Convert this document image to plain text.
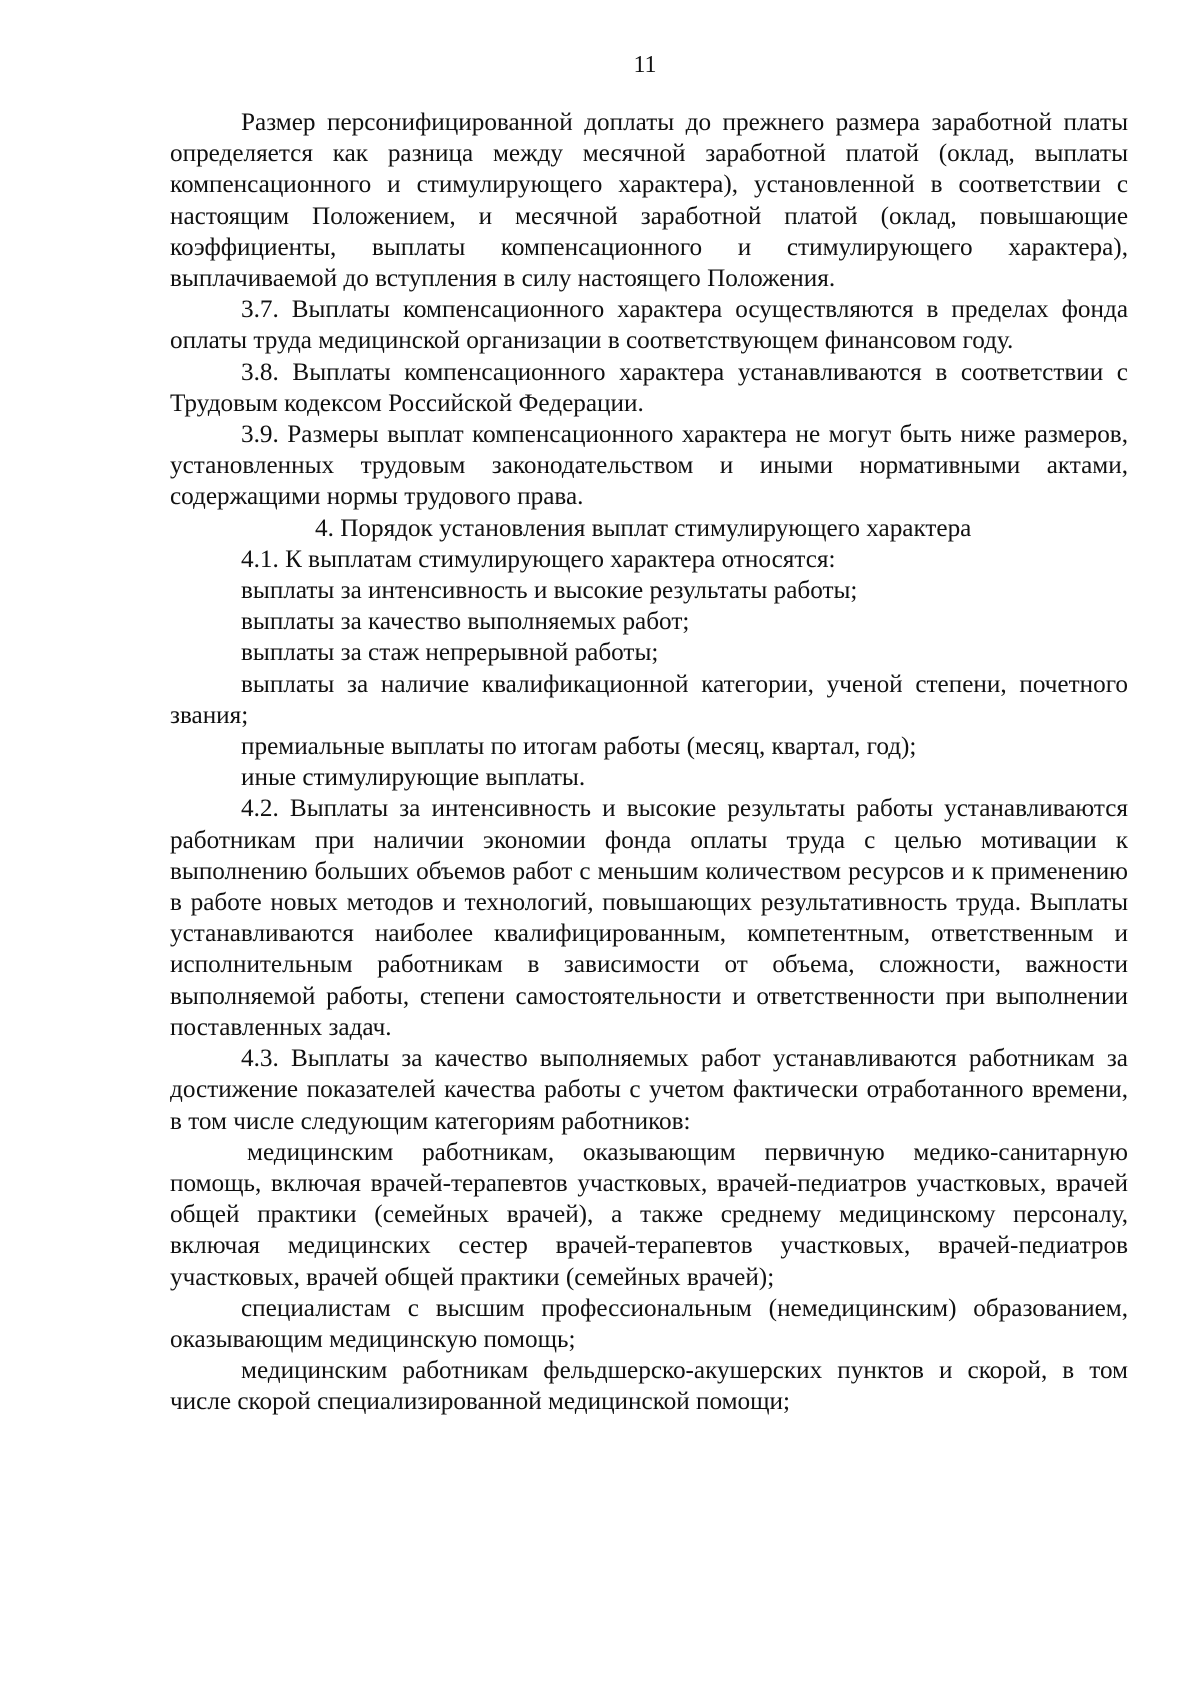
11

Размер персонифицированной доплаты до прежнего размера заработной платы определяется как разница между месячной заработной платой (оклад, выплаты компенсационного и стимулирующего характера), установленной в соответствии с настоящим Положением, и месячной заработной платой (оклад, повышающие коэффициенты, выплаты компенсационного и стимулирующего характера), выплачиваемой до вступления в силу настоящего Положения.

3.7. Выплаты компенсационного характера осуществляются в пределах фонда оплаты труда медицинской организации в соответствующем финансовом году.

3.8. Выплаты компенсационного характера устанавливаются в соответствии с Трудовым кодексом Российской Федерации.

3.9. Размеры выплат компенсационного характера не могут быть ниже размеров, установленных трудовым законодательством и иными нормативными актами, содержащими нормы трудового права.

4. Порядок установления выплат стимулирующего характера

4.1. К выплатам стимулирующего характера относятся:

выплаты за интенсивность и высокие результаты работы;

выплаты за качество выполняемых работ;

выплаты за стаж непрерывной работы;

выплаты за наличие квалификационной категории, ученой степени, почетного звания;

премиальные выплаты по итогам работы (месяц, квартал, год);

иные стимулирующие выплаты.

4.2. Выплаты за интенсивность и высокие результаты работы устанавливаются работникам при наличии экономии фонда оплаты труда с целью мотивации к выполнению больших объемов работ с меньшим количеством ресурсов и к применению в работе новых методов и технологий, повышающих результативность труда. Выплаты устанавливаются наиболее квалифицированным, компетентным, ответственным и исполнительным работникам в зависимости от объема, сложности, важности выполняемой работы, степени самостоятельности и ответственности при выполнении поставленных задач.

4.3. Выплаты за качество выполняемых работ устанавливаются работникам за достижение показателей качества работы с учетом фактически отработанного времени, в том числе следующим категориям работников:

медицинским работникам, оказывающим первичную медико-санитарную помощь, включая врачей-терапевтов участковых, врачей-педиатров участковых, врачей общей практики (семейных врачей), а также среднему медицинскому персоналу, включая медицинских сестер врачей-терапевтов участковых, врачей-педиатров участковых, врачей общей практики (семейных врачей);

специалистам с высшим профессиональным (немедицинским) образованием, оказывающим медицинскую помощь;

медицинским работникам фельдшерско-акушерских пунктов и скорой, в том числе скорой специализированной медицинской помощи;
